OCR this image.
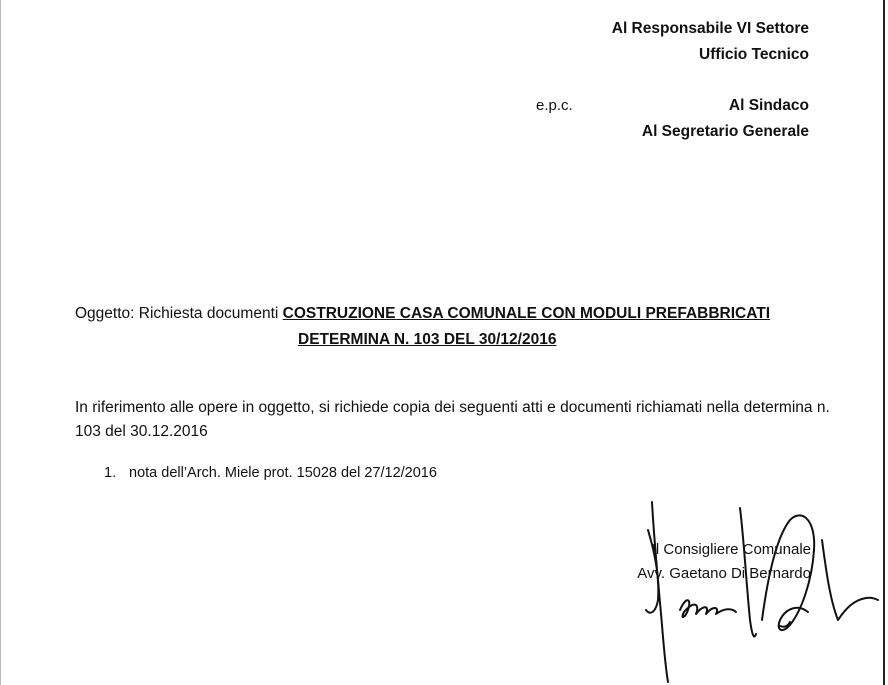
Al Responsabile VI Settore
Ufficio Tecnico
e.p.c.	Al Sindaco
Al Segretario Generale
Oggetto: Richiesta documenti COSTRUZIONE CASA COMUNALE CON MODULI PREFABBRICATI
DETERMINA N. 103 DEL 30/12/2016
In riferimento alle opere in oggetto, si richiede copia dei seguenti atti e documenti richiamati nella determina n. 103 del 30.12.2016
1. nota dell’Arch. Miele prot. 15028 del 27/12/2016
Il Consigliere Comunale
Avv. Gaetano Di Bernardo
